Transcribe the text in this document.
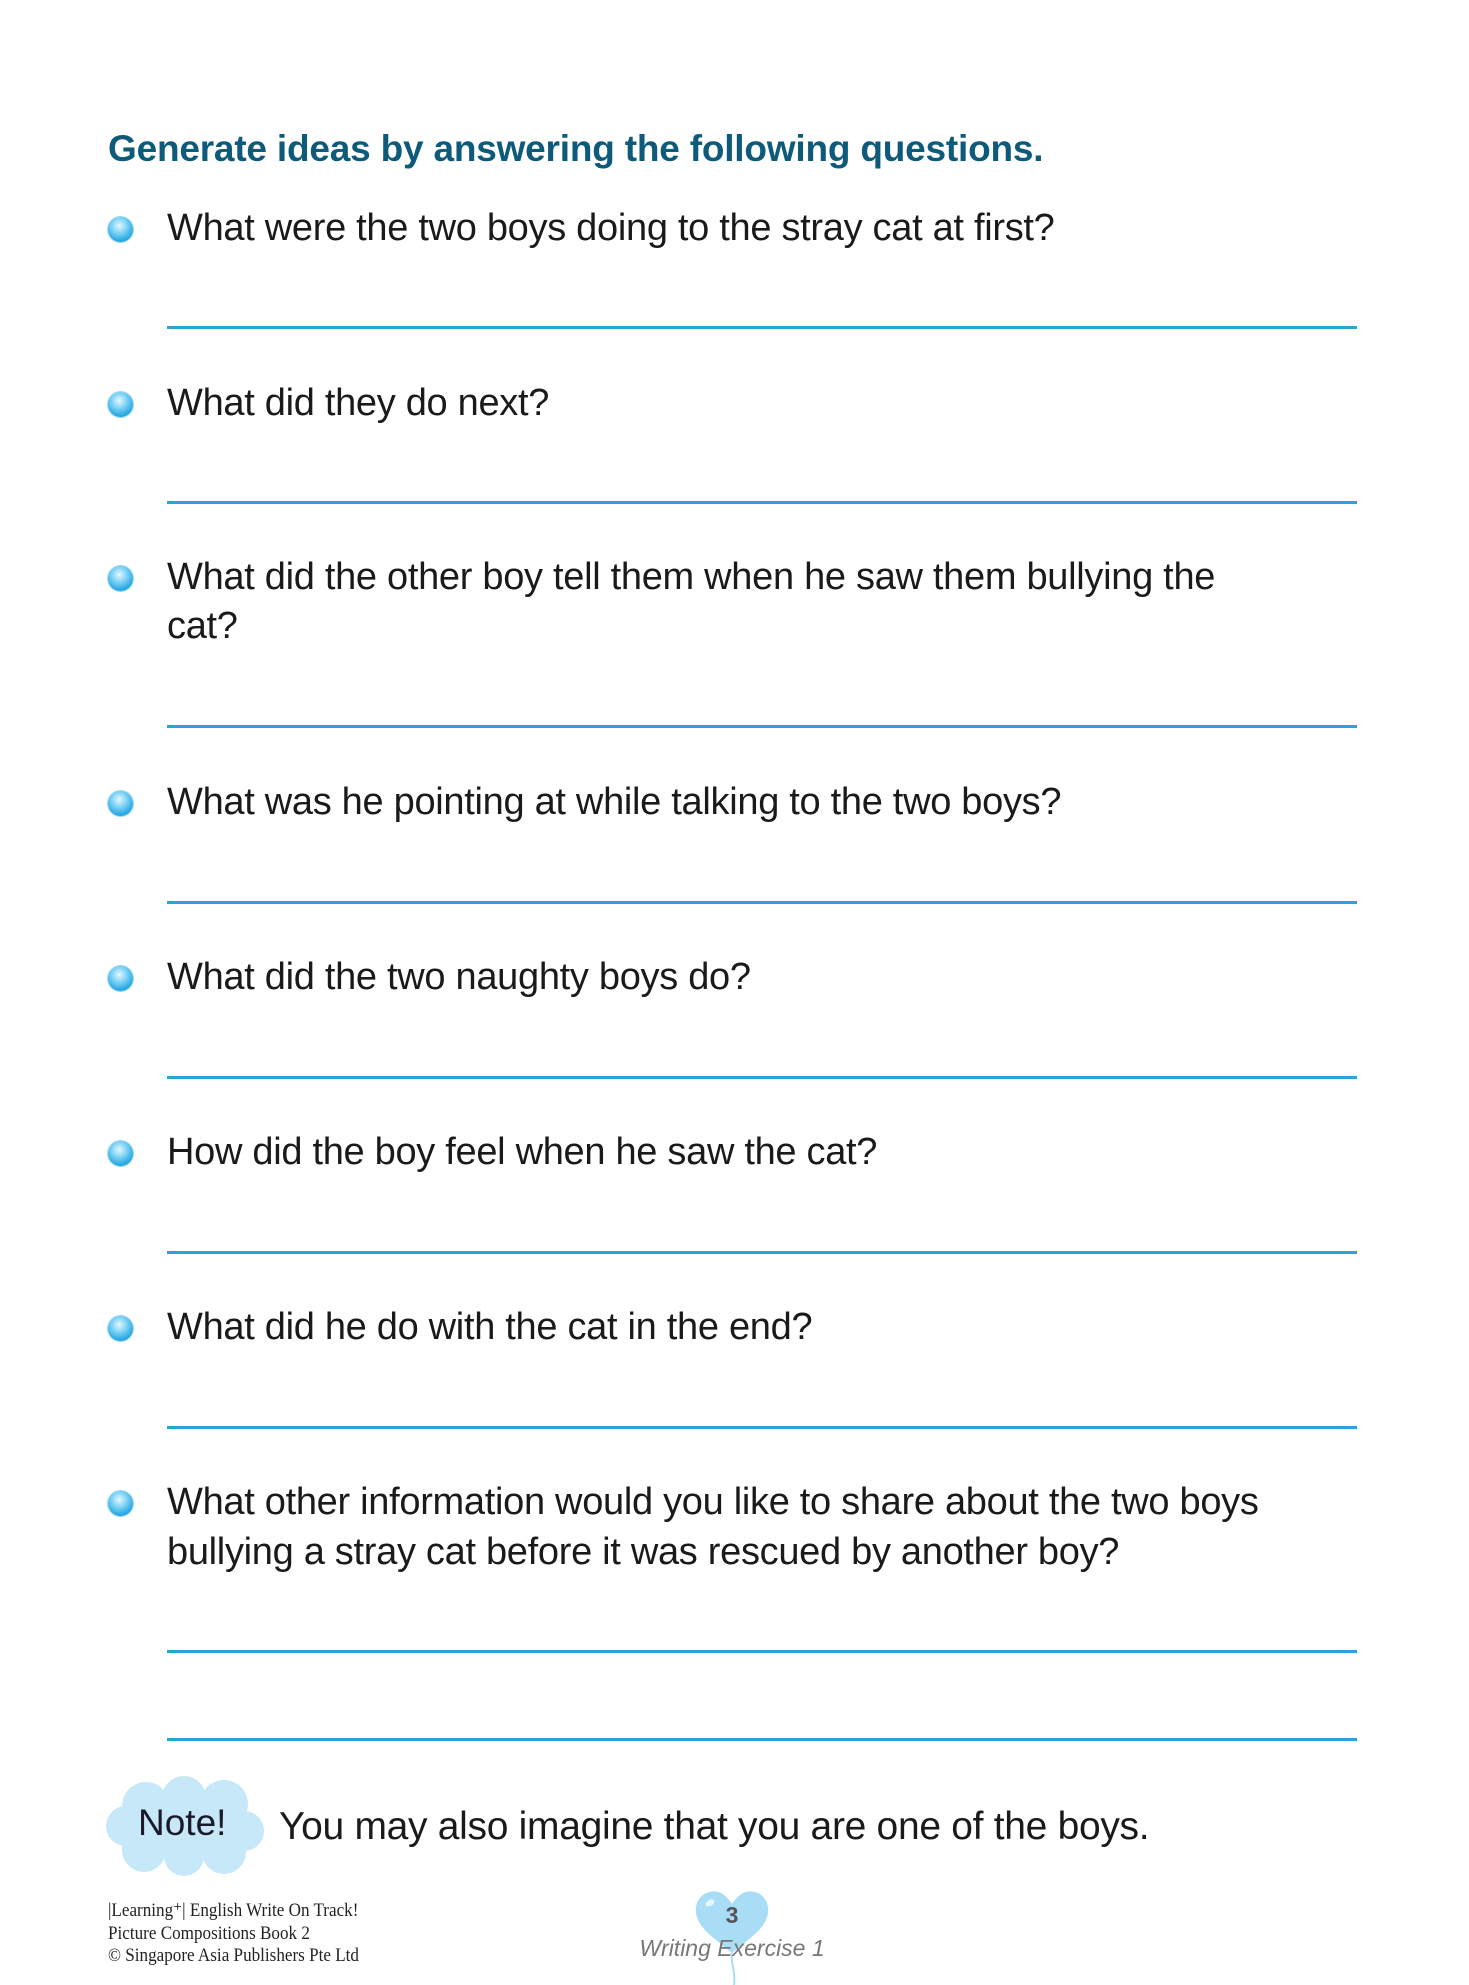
Generate ideas by answering the following questions.
What were the two boys doing to the stray cat at first?
What did they do next?
What did the other boy tell them when he saw them bullying the
cat?
What was he pointing at while talking to the two boys?
What did the two naughty boys do?
How did the boy feel when he saw the cat?
What did he do with the cat in the end?
What other information would you like to share about the two boys
bullying a stray cat before it was rescued by another boy?
Note! You may also imagine that you are one of the boys.
|Learning⁺| English Write On Track!
Picture Compositions Book 2
© Singapore Asia Publishers Pte Ltd
3
Writing Exercise 1
